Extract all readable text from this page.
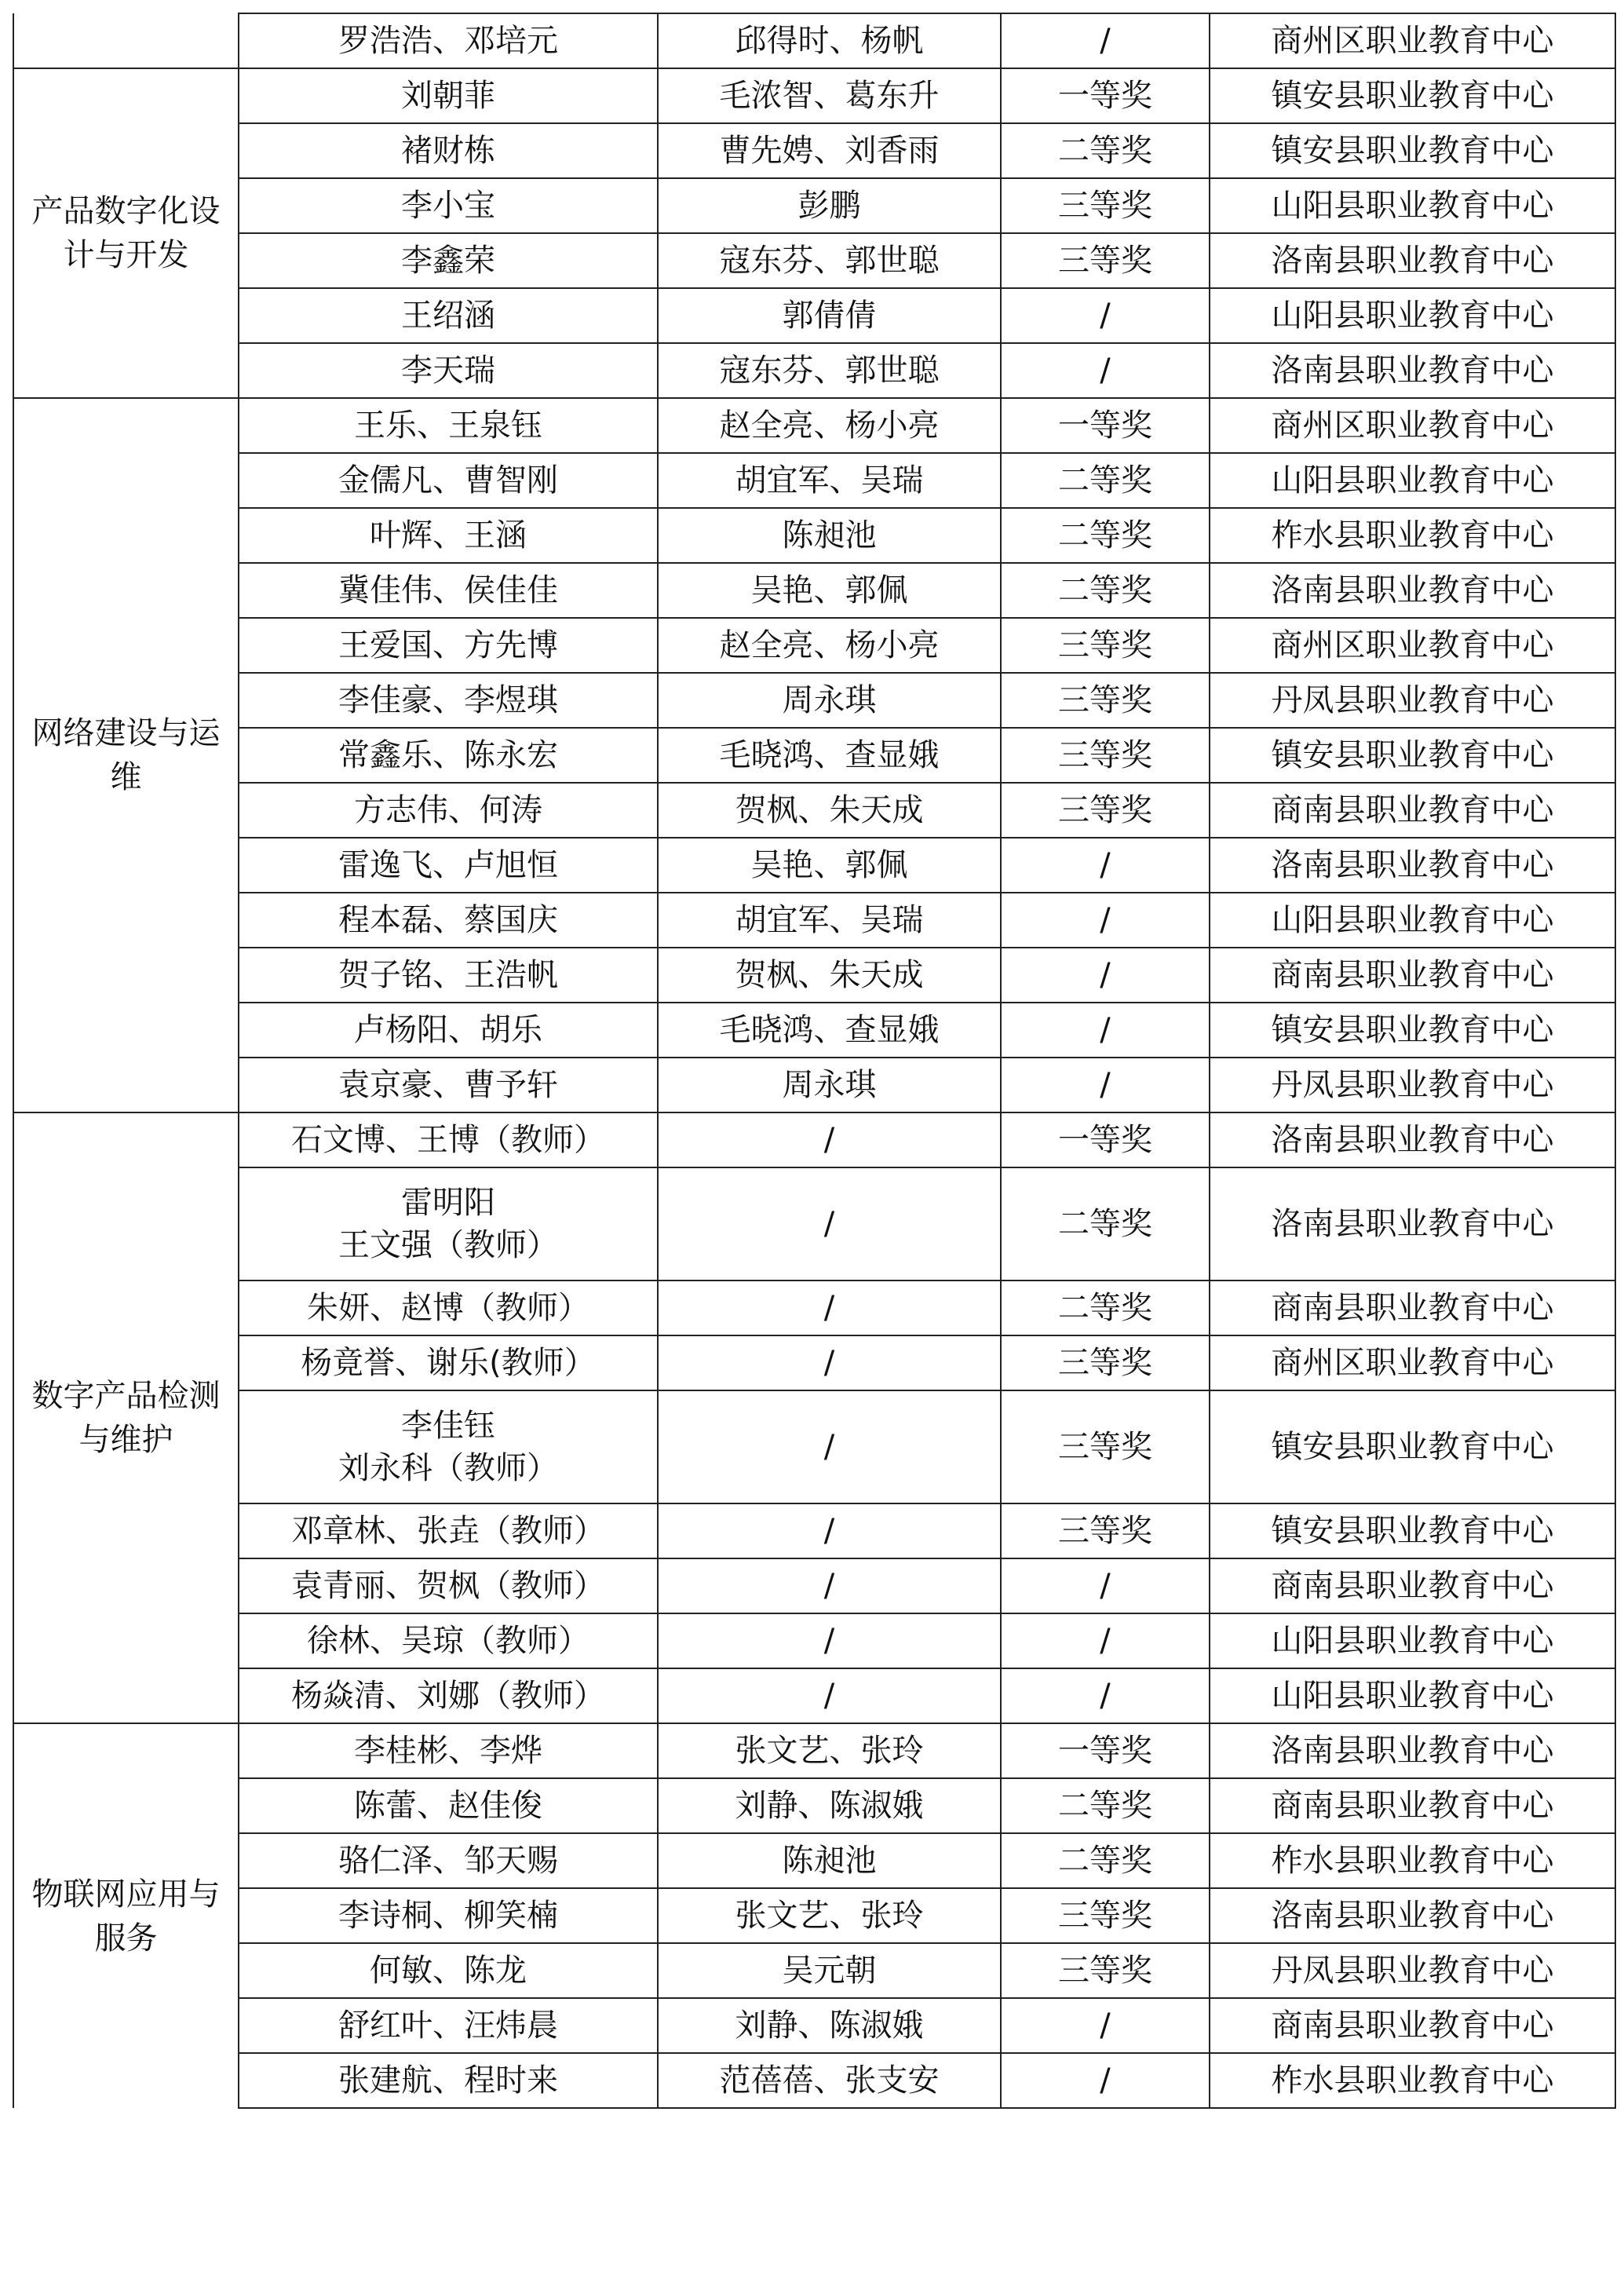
	罗浩浩、邓培元	邱得时、杨帆	/	商州区职业教育中心
产品数字化设计与开发	刘朝菲	毛浓智、葛东升	一等奖	镇安县职业教育中心
	褚财栋	曹先娉、刘香雨	二等奖	镇安县职业教育中心
	李小宝	彭鹏	三等奖	山阳县职业教育中心
	李鑫荣	寇东芬、郭世聪	三等奖	洛南县职业教育中心
	王绍涵	郭倩倩	/	山阳县职业教育中心
	李天瑞	寇东芬、郭世聪	/	洛南县职业教育中心
网络建设与运维	王乐、王泉钰	赵全亮、杨小亮	一等奖	商州区职业教育中心
	金儒凡、曹智刚	胡宜军、吴瑞	二等奖	山阳县职业教育中心
	叶辉、王涵	陈昶池	二等奖	柞水县职业教育中心
	冀佳伟、侯佳佳	吴艳、郭佩	二等奖	洛南县职业教育中心
	王爱国、方先博	赵全亮、杨小亮	三等奖	商州区职业教育中心
	李佳豪、李煜琪	周永琪	三等奖	丹凤县职业教育中心
	常鑫乐、陈永宏	毛晓鸿、查显娥	三等奖	镇安县职业教育中心
	方志伟、何涛	贺枫、朱天成	三等奖	商南县职业教育中心
	雷逸飞、卢旭恒	吴艳、郭佩	/	洛南县职业教育中心
	程本磊、蔡国庆	胡宜军、吴瑞	/	山阳县职业教育中心
	贺子铭、王浩帆	贺枫、朱天成	/	商南县职业教育中心
	卢杨阳、胡乐	毛晓鸿、查显娥	/	镇安县职业教育中心
	袁京豪、曹予轩	周永琪	/	丹凤县职业教育中心
数字产品检测与维护	石文博、王博（教师）	/	一等奖	洛南县职业教育中心

	雷明阳
王文强（教师）	/	二等奖	洛南县职业教育中心
	朱妍、赵博（教师）	/	二等奖	商南县职业教育中心
	杨竟誉、谢乐(教师）	/	三等奖	商州区职业教育中心

	李佳钰
刘永科（教师）	/	三等奖	镇安县职业教育中心
	邓章林、张垚（教师）	/	三等奖	镇安县职业教育中心
	袁青丽、贺枫（教师）	/	/	商南县职业教育中心
	徐林、吴琼（教师）	/	/	山阳县职业教育中心
	杨焱清、刘娜（教师）	/	/	山阳县职业教育中心
物联网应用与服务	李桂彬、李烨	张文艺、张玲	一等奖	洛南县职业教育中心
	陈蕾、赵佳俊	刘静、陈淑娥	二等奖	商南县职业教育中心
	骆仁泽、邹天赐	陈昶池	二等奖	柞水县职业教育中心
	李诗桐、柳笑楠	张文艺、张玲	三等奖	洛南县职业教育中心
	何敏、陈龙	吴元朝	三等奖	丹凤县职业教育中心
	舒红叶、汪炜晨	刘静、陈淑娥	/	商南县职业教育中心
	张建航、程时来	范蓓蓓、张支安	/	柞水县职业教育中心
